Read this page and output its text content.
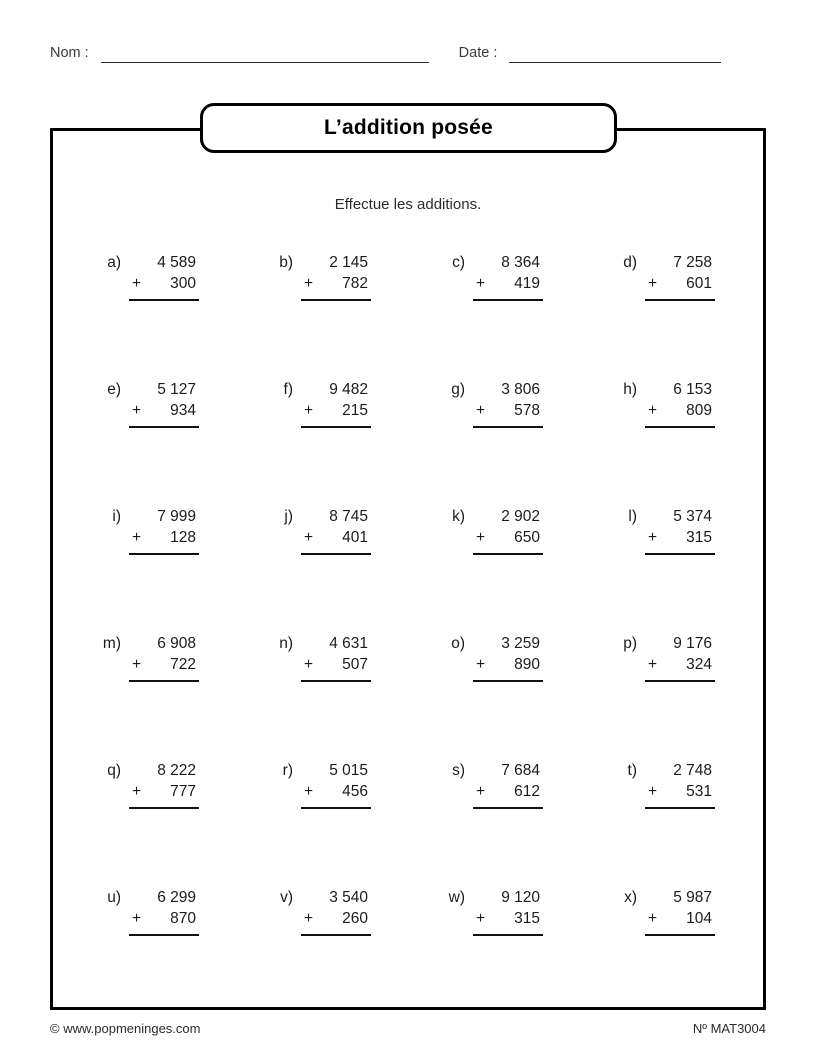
Nom :	Date :
L’addition posée
Effectue les additions.
a)	4 589
+ 300
b)	2 145
+ 782
c)	8 364
+ 419
d)	7 258
+ 601
e)	5 127
+ 934
f)	9 482
+ 215
g)	3 806
+ 578
h)	6 153
+ 809
i)	7 999
+ 128
j)	8 745
+ 401
k)	2 902
+ 650
l)	5 374
+ 315
m)	6 908
+ 722
n)	4 631
+ 507
o)	3 259
+ 890
p)	9 176
+ 324
q)	8 222
+ 777
r)	5 015
+ 456
s)	7 684
+ 612
t)	2 748
+ 531
u)	6 299
+ 870
v)	3 540
+ 260
w)	9 120
+ 315
x)	5 987
+ 104
© www.popmeninges.com	Nº MAT3004
